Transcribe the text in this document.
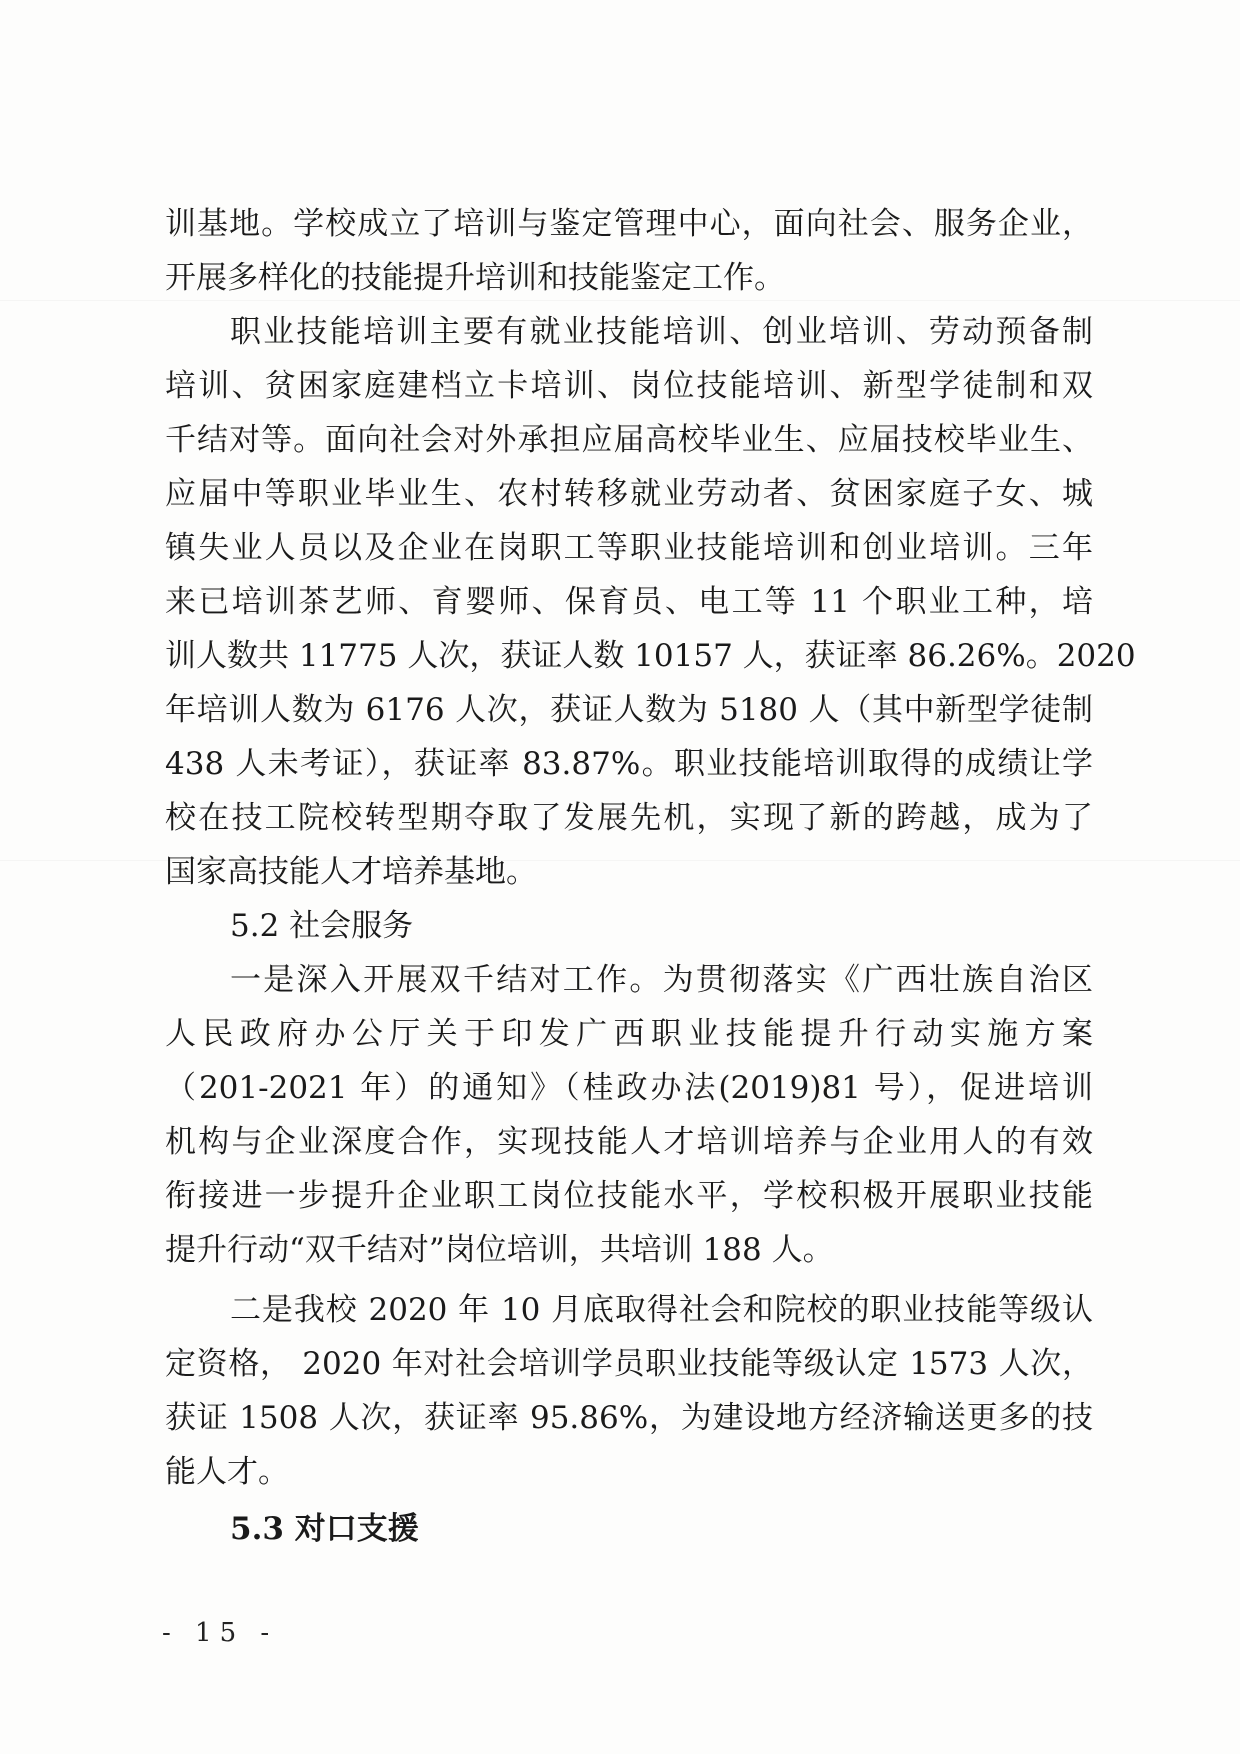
训基地。学校成立了培训与鉴定管理中心，面向社会、服务企业，
开展多样化的技能提升培训和技能鉴定工作。
职业技能培训主要有就业技能培训、创业培训、劳动预备制
培训、贫困家庭建档立卡培训、岗位技能培训、新型学徒制和双
千结对等。面向社会对外承担应届高校毕业生、应届技校毕业生、
应届中等职业毕业生、农村转移就业劳动者、贫困家庭子女、城
镇失业人员以及企业在岗职工等职业技能培训和创业培训。三年
来已培训茶艺师、育婴师、保育员、电工等 11 个职业工种，培
训人数共 11775 人次，获证人数 10157 人，获证率 86.26%。2020
年培训人数为 6176 人次，获证人数为 5180 人（其中新型学徒制
438 人未考证），获证率 83.87%。职业技能培训取得的成绩让学
校在技工院校转型期夺取了发展先机，实现了新的跨越，成为了
国家高技能人才培养基地。
5.2 社会服务
一是深入开展双千结对工作。为贯彻落实《广西壮族自治区
人民政府办公厅关于印发广西职业技能提升行动实施方案
（201-2021 年）的通知》（桂政办法(2019)81 号），促进培训
机构与企业深度合作，实现技能人才培训培养与企业用人的有效
衔接进一步提升企业职工岗位技能水平，学校积极开展职业技能
提升行动“双千结对”岗位培训，共培训 188 人。
二是我校 2020 年 10 月底取得社会和院校的职业技能等级认
定资格， 2020 年对社会培训学员职业技能等级认定 1573 人次，
获证 1508 人次，获证率 95.86%，为建设地方经济输送更多的技
能人才。
5.3 对口支援
- 15 -
